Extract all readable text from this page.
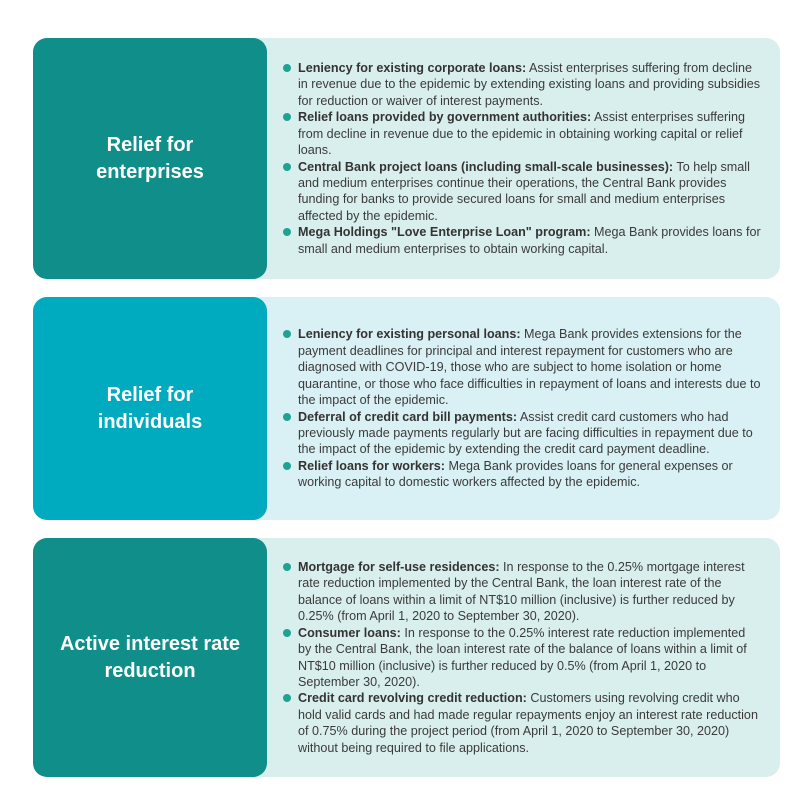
Relief for enterprises

Leniency for existing corporate loans: Assist enterprises suffering from decline in revenue due to the epidemic by extending existing loans and providing subsidies for reduction or waiver of interest payments.
Relief loans provided by government authorities: Assist enterprises suffering from decline in revenue due to the epidemic in obtaining working capital or relief loans.
Central Bank project loans (including small-scale businesses): To help small and medium enterprises continue their operations, the Central Bank provides funding for banks to provide secured loans for small and medium enterprises affected by the epidemic.
Mega Holdings "Love Enterprise Loan" program: Mega Bank provides loans for small and medium enterprises to obtain working capital.

Relief for individuals

Leniency for existing personal loans: Mega Bank provides extensions for the payment deadlines for principal and interest repayment for customers who are diagnosed with COVID-19, those who are subject to home isolation or home quarantine, or those who face difficulties in repayment of loans and interests due to the impact of the epidemic.
Deferral of credit card bill payments: Assist credit card customers who had previously made payments regularly but are facing difficulties in repayment due to the impact of the epidemic by extending the credit card payment deadline.
Relief loans for workers: Mega Bank provides loans for general expenses or working capital to domestic workers affected by the epidemic.

Active interest rate reduction

Mortgage for self-use residences: In response to the 0.25% mortgage interest rate reduction implemented by the Central Bank, the loan interest rate of the balance of loans within a limit of NT$10 million (inclusive) is further reduced by 0.25% (from April 1, 2020 to September 30, 2020).
Consumer loans: In response to the 0.25% interest rate reduction implemented by the Central Bank, the loan interest rate of the balance of loans within a limit of NT$10 million (inclusive) is further reduced by 0.5% (from April 1, 2020 to September 30, 2020).
Credit card revolving credit reduction: Customers using revolving credit who hold valid cards and had made regular repayments enjoy an interest rate reduction of 0.75% during the project period (from April 1, 2020 to September 30, 2020) without being required to file applications.
